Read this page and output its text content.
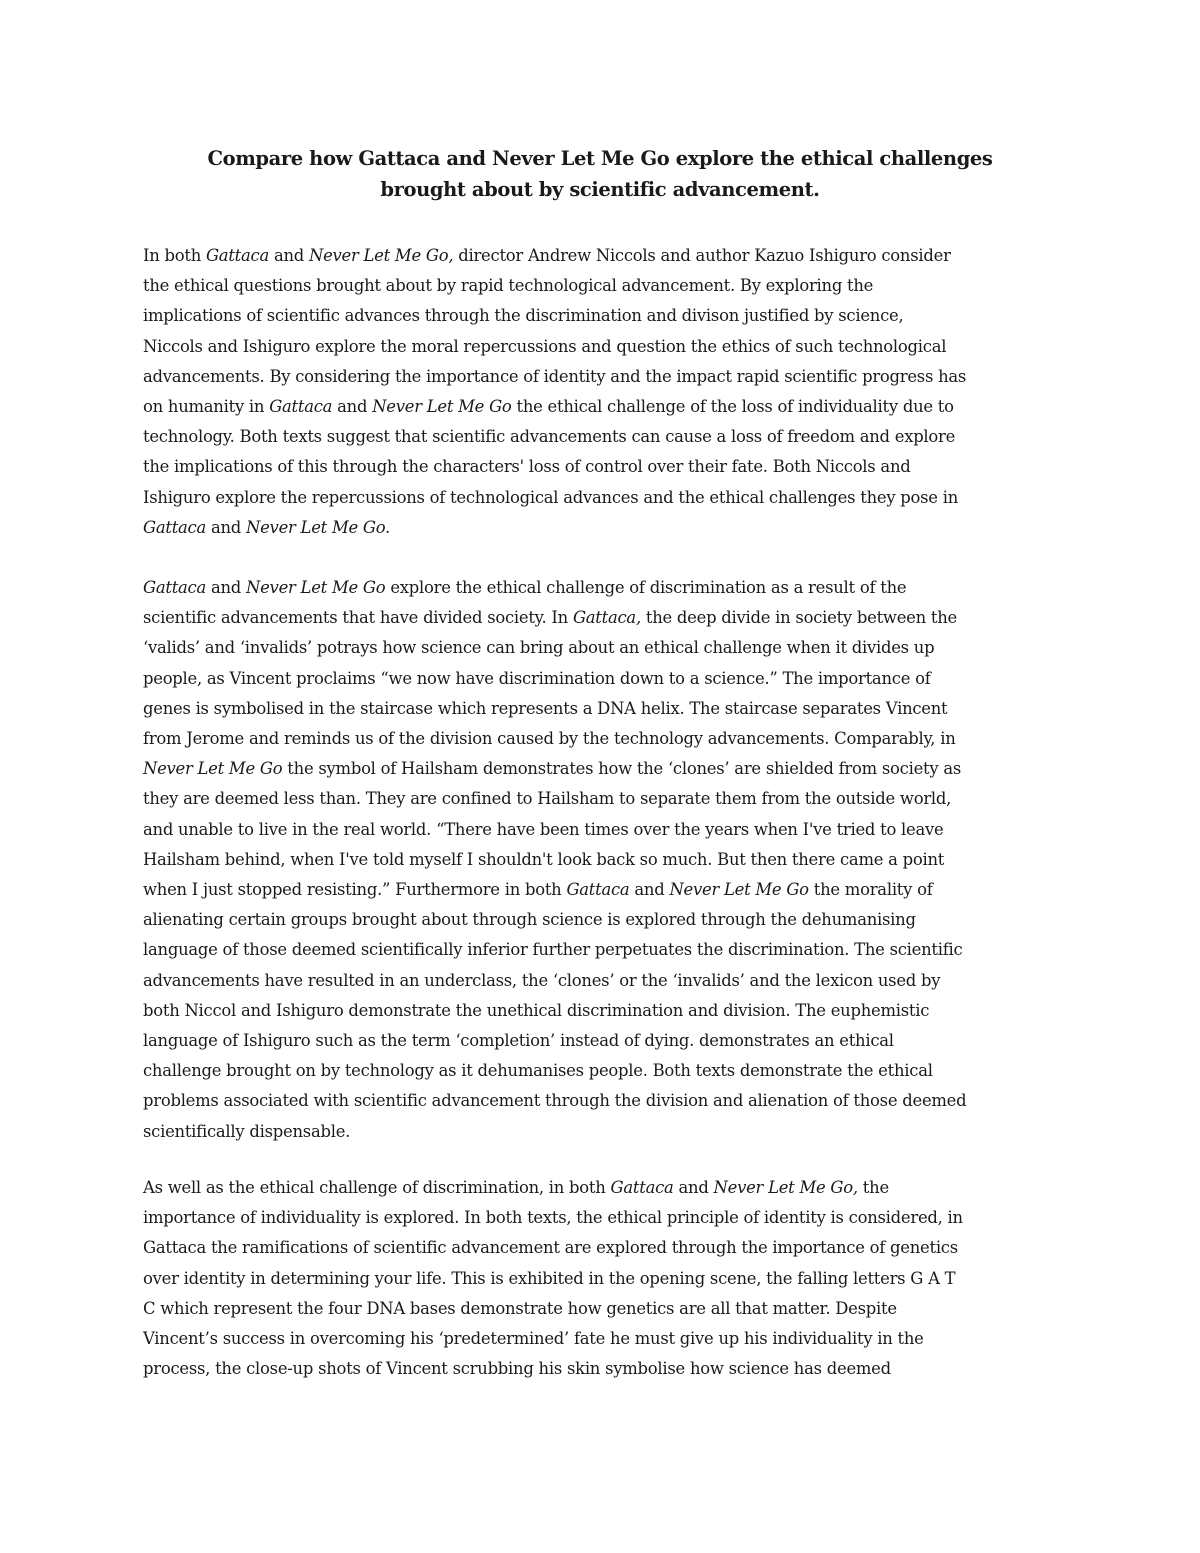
Compare how Gattaca and Never Let Me Go explore the ethical challenges
brought about by scientific advancement.
In both Gattaca and Never Let Me Go, director Andrew Niccols and author Kazuo Ishiguro consider
the ethical questions brought about by rapid technological advancement. By exploring the
implications of scientific advances through the discrimination and divison justified by science,
Niccols and Ishiguro explore the moral repercussions and question the ethics of such technological
advancements. By considering the importance of identity and the impact rapid scientific progress has
on humanity in Gattaca and Never Let Me Go the ethical challenge of the loss of individuality due to
technology. Both texts suggest that scientific advancements can cause a loss of freedom and explore
the implications of this through the characters' loss of control over their fate. Both Niccols and
Ishiguro explore the repercussions of technological advances and the ethical challenges they pose in
Gattaca and Never Let Me Go.
Gattaca and Never Let Me Go explore the ethical challenge of discrimination as a result of the
scientific advancements that have divided society. In Gattaca, the deep divide in society between the
‘valids’ and ‘invalids’ potrays how science can bring about an ethical challenge when it divides up
people, as Vincent proclaims “we now have discrimination down to a science.” The importance of
genes is symbolised in the staircase which represents a DNA helix. The staircase separates Vincent
from Jerome and reminds us of the division caused by the technology advancements. Comparably, in
Never Let Me Go the symbol of Hailsham demonstrates how the ‘clones’ are shielded from society as
they are deemed less than. They are confined to Hailsham to separate them from the outside world,
and unable to live in the real world. “There have been times over the years when I've tried to leave
Hailsham behind, when I've told myself I shouldn't look back so much. But then there came a point
when I just stopped resisting.” Furthermore in both Gattaca and Never Let Me Go the morality of
alienating certain groups brought about through science is explored through the dehumanising
language of those deemed scientifically inferior further perpetuates the discrimination. The scientific
advancements have resulted in an underclass, the ‘clones’ or the ‘invalids’ and the lexicon used by
both Niccol and Ishiguro demonstrate the unethical discrimination and division. The euphemistic
language of Ishiguro such as the term ‘completion’ instead of dying. demonstrates an ethical
challenge brought on by technology as it dehumanises people. Both texts demonstrate the ethical
problems associated with scientific advancement through the division and alienation of those deemed
scientifically dispensable.
As well as the ethical challenge of discrimination, in both Gattaca and Never Let Me Go, the
importance of individuality is explored. In both texts, the ethical principle of identity is considered, in
Gattaca the ramifications of scientific advancement are explored through the importance of genetics
over identity in determining your life. This is exhibited in the opening scene, the falling letters G A T
C which represent the four DNA bases demonstrate how genetics are all that matter. Despite
Vincent’s success in overcoming his ‘predetermined’ fate he must give up his individuality in the
process, the close-up shots of Vincent scrubbing his skin symbolise how science has deemed
